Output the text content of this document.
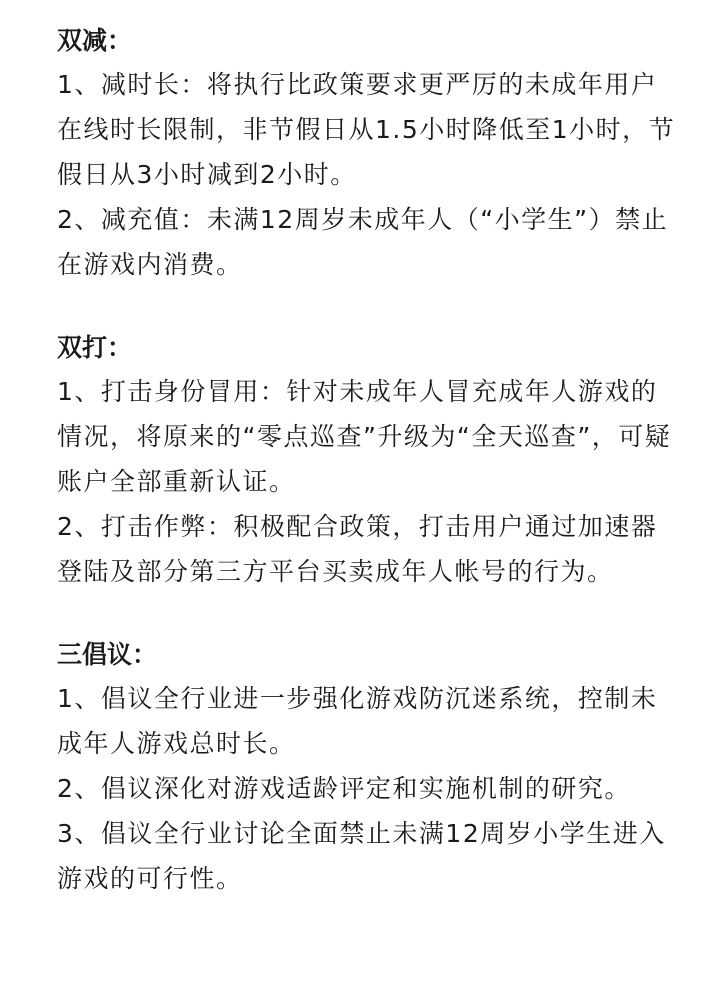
双减：

1、减时长：将执行比政策要求更严厉的未成年用户在线时长限制，非节假日从1.5小时降低至1小时，节假日从3小时减到2小时。

2、减充值：未满12周岁未成年人（“小学生”）禁止在游戏内消费。

双打：

1、打击身份冒用：针对未成年人冒充成年人游戏的情况，将原来的“零点巡查”升级为“全天巡查”，可疑账户全部重新认证。

2、打击作弊：积极配合政策，打击用户通过加速器登陆及部分第三方平台买卖成年人帐号的行为。

三倡议：

1、倡议全行业进一步强化游戏防沉迷系统，控制未成年人游戏总时长。

2、倡议深化对游戏适龄评定和实施机制的研究。

3、倡议全行业讨论全面禁止未满12周岁小学生进入游戏的可行性。
